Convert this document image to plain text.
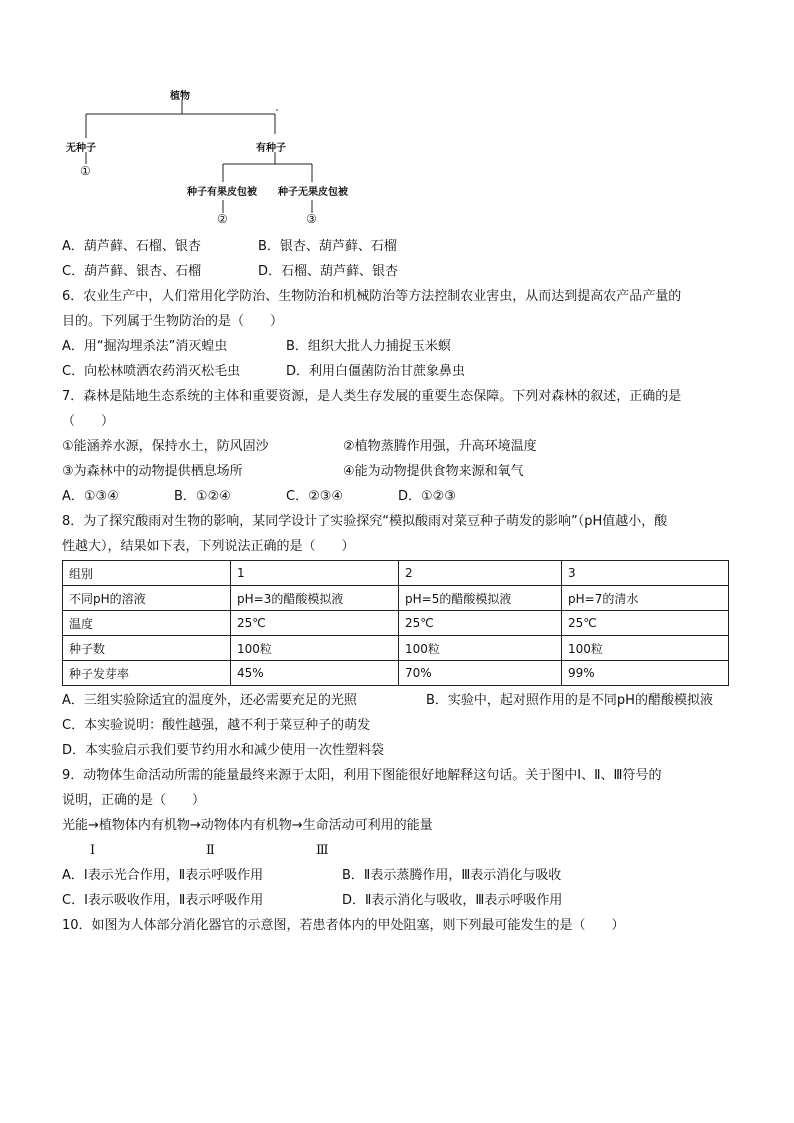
植物
无种子
①
有种子
种子有果皮包被 种子无果皮包被
②	③
A．葫芦藓、石榴、银杏	B．银杏、葫芦藓、石榴
C．葫芦藓、银杏、石榴	D．石榴、葫芦藓、银杏
6．农业生产中，人们常用化学防治、生物防治和机械防治等方法控制农业害虫，从而达到提高农产品产量的
目的。下列属于生物防治的是（　　）
A．用“掘沟埋杀法”消灭蝗虫	B．组织大批人力捕捉玉米螟
C．向松林喷洒农药消灭松毛虫	D．利用白僵菌防治甘蔗象鼻虫
7．森林是陆地生态系统的主体和重要资源，是人类生存发展的重要生态保障。下列对森林的叙述，正确的是
（　　）
①能涵养水源，保持水土，防风固沙	②植物蒸腾作用强，升高环境温度
③为森林中的动物提供栖息场所	④能为动物提供食物来源和氧气
A．①③④	B．①②④	C．②③④	D．①②③
8．为了探究酸雨对生物的影响，某同学设计了实验探究“模拟酸雨对菜豆种子萌发的影响”（pH值越小，酸
性越大），结果如下表，下列说法正确的是（　　）
组别	1	2	3
不同pH的溶液	pH=3的醋酸模拟液	pH=5的醋酸模拟液	pH=7的清水
温度	25℃	25℃	25℃
种子数	100粒	100粒	100粒
种子发芽率	45%	70%	99%
A．三组实验除适宜的温度外，还必需要充足的光照	B．实验中，起对照作用的是不同pH的醋酸模拟液
C．本实验说明：酸性越强，越不利于菜豆种子的萌发
D．本实验启示我们要节约用水和减少使用一次性塑料袋
9．动物体生命活动所需的能量最终来源于太阳，利用下图能很好地解释这句话。关于图中Ⅰ、Ⅱ、Ⅲ符号的
说明，正确的是（　　）
光能→植物体内有机物→动物体内有机物→生命活动可利用的能量
Ⅰ	Ⅱ	Ⅲ
A．Ⅰ表示光合作用，Ⅱ表示呼吸作用	B．Ⅱ表示蒸腾作用，Ⅲ表示消化与吸收
C．Ⅰ表示吸收作用，Ⅱ表示呼吸作用	D．Ⅱ表示消化与吸收，Ⅲ表示呼吸作用
10．如图为人体部分消化器官的示意图，若患者体内的甲处阻塞，则下列最可能发生的是（　　）
